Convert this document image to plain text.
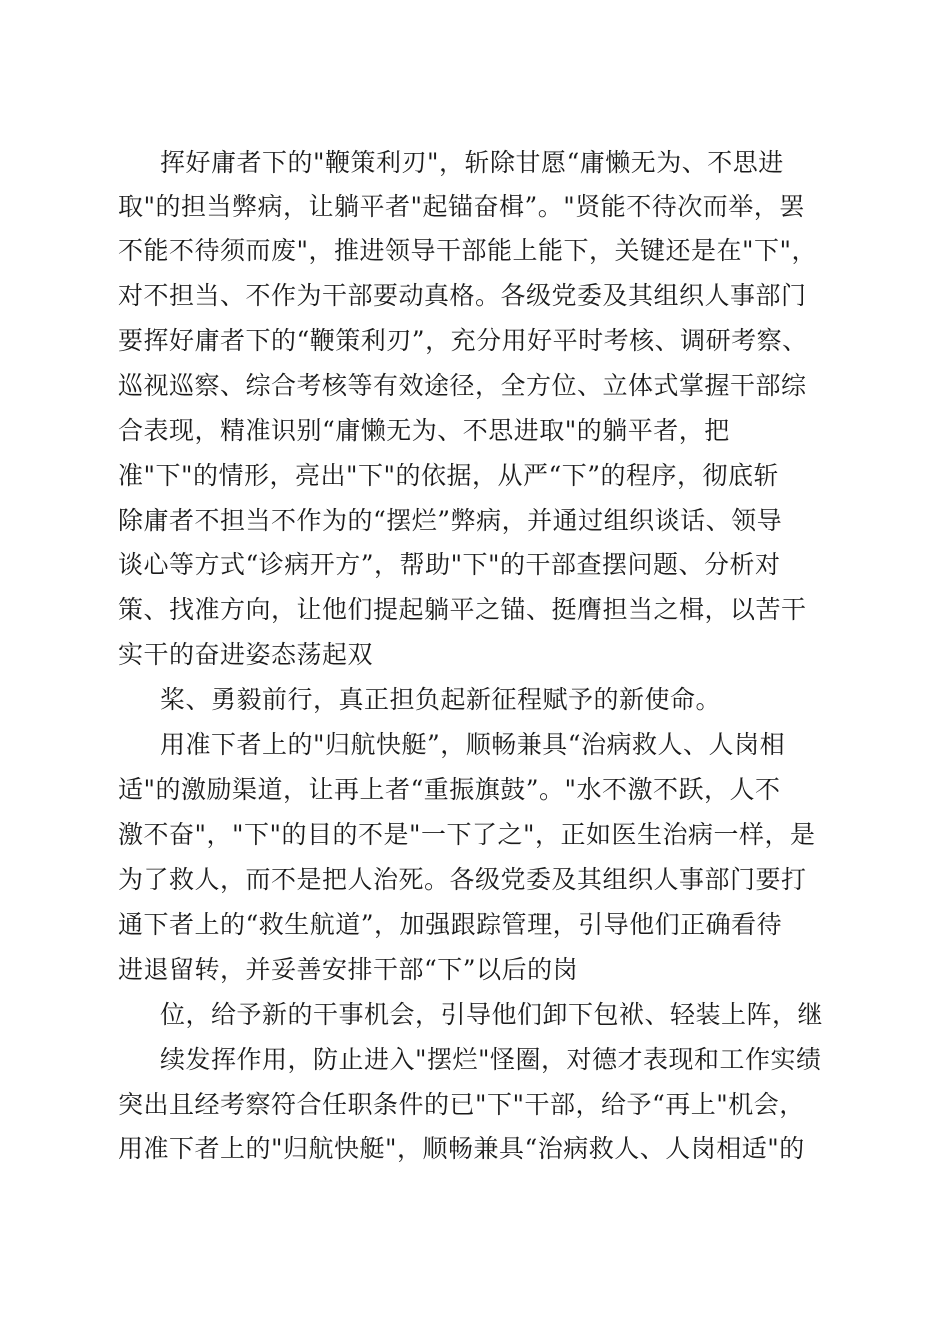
挥好庸者下的"鞭策利刃"，斩除甘愿“庸懒无为、不思进
取"的担当弊病，让躺平者"起锚奋楫”。"贤能不待次而举，罢
不能不待须而废"，推进领导干部能上能下，关键还是在"下"，
对不担当、不作为干部要动真格。各级党委及其组织人事部门
要挥好庸者下的“鞭策利刃”，充分用好平时考核、调研考察、
巡视巡察、综合考核等有效途径，全方位、立体式掌握干部综
合表现，精准识别“庸懒无为、不思进取"的躺平者，把
准"下"的情形，亮出"下"的依据，从严“下”的程序，彻底斩
除庸者不担当不作为的“摆烂”弊病，并通过组织谈话、领导
谈心等方式“诊病开方”，帮助"下"的干部查摆问题、分析对
策、找准方向，让他们提起躺平之锚、挺膺担当之楫，以苦干
实干的奋进姿态荡起双
桨、勇毅前行，真正担负起新征程赋予的新使命。
用准下者上的"归航快艇”，顺畅兼具“治病救人、人岗相
适"的激励渠道，让再上者“重振旗鼓”。"水不激不跃，人不
激不奋"，"下"的目的不是"一下了之"，正如医生治病一样，是
为了救人，而不是把人治死。各级党委及其组织人事部门要打
通下者上的“救生航道”，加强跟踪管理，引导他们正确看待
进退留转，并妥善安排干部“下”以后的岗
位，给予新的干事机会，引导他们卸下包袱、轻装上阵，继
续发挥作用，防止进入"摆烂"怪圈，对德才表现和工作实绩
突出且经考察符合任职条件的已"下"干部，给予“再上"机会，
用准下者上的"归航快艇"，顺畅兼具“治病救人、人岗相适"的
